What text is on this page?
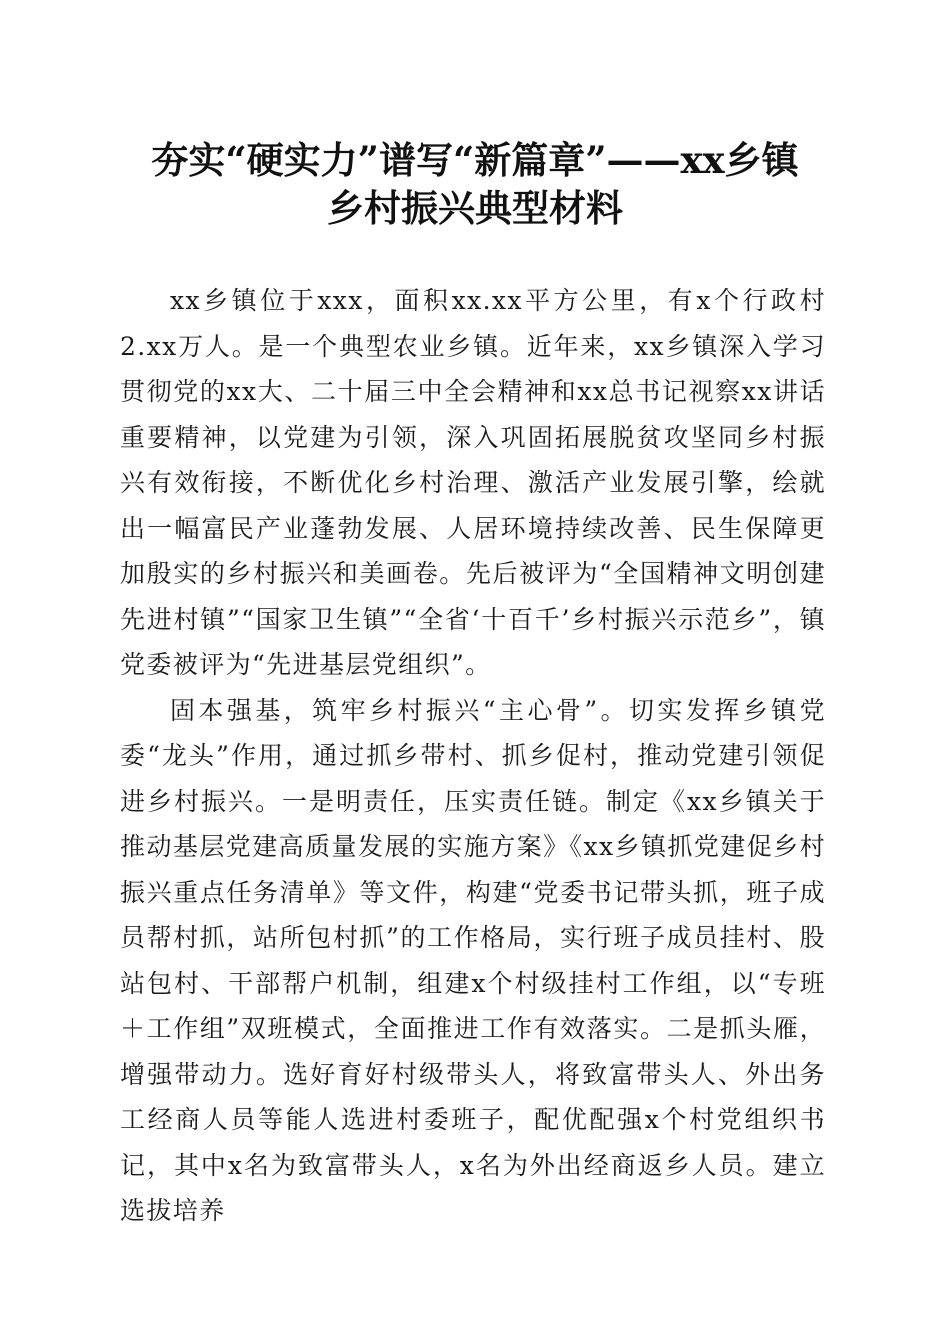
夯实“硬实力”谱写“新篇章”——xx乡镇
乡村振兴典型材料

xx乡镇位于xxx，面积xx.xx平方公里，有x个行政村2.xx万人。是一个典型农业乡镇。近年来，xx乡镇深入学习贯彻党的xx大、二十届三中全会精神和xx总书记视察xx讲话重要精神，以党建为引领，深入巩固拓展脱贫攻坚同乡村振兴有效衔接，不断优化乡村治理、激活产业发展引擎，绘就出一幅富民产业蓬勃发展、人居环境持续改善、民生保障更加殷实的乡村振兴和美画卷。先后被评为“全国精神文明创建先进村镇”“国家卫生镇”“全省‘十百千’乡村振兴示范乡”，镇党委被评为“先进基层党组织”。

固本强基，筑牢乡村振兴“主心骨”。切实发挥乡镇党委“龙头”作用，通过抓乡带村、抓乡促村，推动党建引领促进乡村振兴。一是明责任，压实责任链。制定《xx乡镇关于推动基层党建高质量发展的实施方案》《xx乡镇抓党建促乡村振兴重点任务清单》等文件，构建“党委书记带头抓，班子成员帮村抓，站所包村抓”的工作格局，实行班子成员挂村、股站包村、干部帮户机制，组建x个村级挂村工作组，以“专班＋工作组”双班模式，全面推进工作有效落实。二是抓头雁，增强带动力。选好育好村级带头人，将致富带头人、外出务工经商人员等能人选进村委班子，配优配强x个村党组织书记，其中x名为致富带头人，x名为外出经商返乡人员。建立选拔培养
